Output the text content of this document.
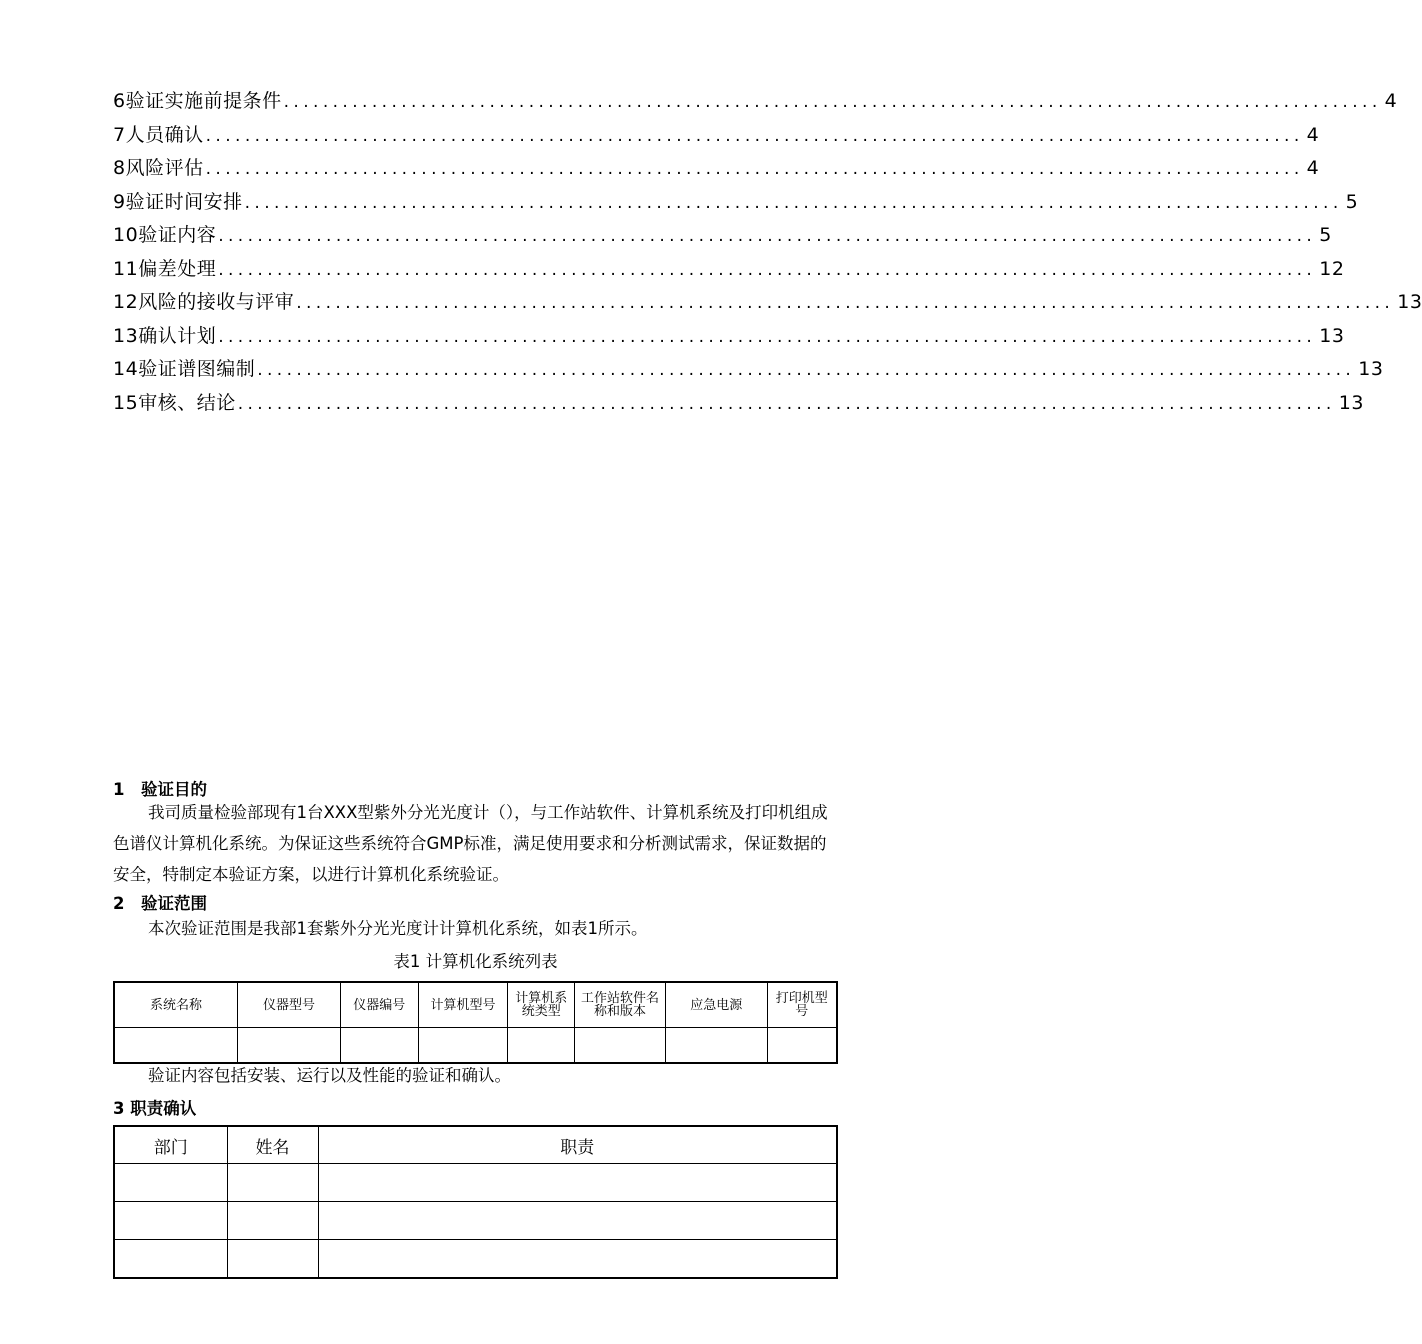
6 验证实施前提条件 ................................................................................................................ 4
7 人员确认 ................................................................................................................ 4
8 风险评估 ................................................................................................................ 4
9 验证时间安排 ................................................................................................................ 5
10 验证内容 ................................................................................................................ 5
11 偏差处理 ................................................................................................................ 12
12 风险的接收与评审 ................................................................................................................ 13
13 确认计划 ................................................................................................................ 13
14 验证谱图编制 ................................................................................................................ 13
15 审核、结论 ................................................................................................................ 13
1　验证目的
我司质量检验部现有1台XXX型紫外分光光度计（），与工作站软件、计算机系统及打印机组成色谱仪计算机化系统。为保证这些系统符合GMP标准，满足使用要求和分析测试需求，保证数据的安全，特制定本验证方案，以进行计算机化系统验证。
2　验证范围
本次验证范围是我部1套紫外分光光度计计算机化系统，如表1所示。
表1 计算机化系统列表
系统名称	仪器型号	仪器编号	计算机型号	计算机系统类型	工作站软件名称和版本	应急电源	打印机型号

验证内容包括安装、运行以及性能的验证和确认。
3 职责确认
部门	姓名	职责
